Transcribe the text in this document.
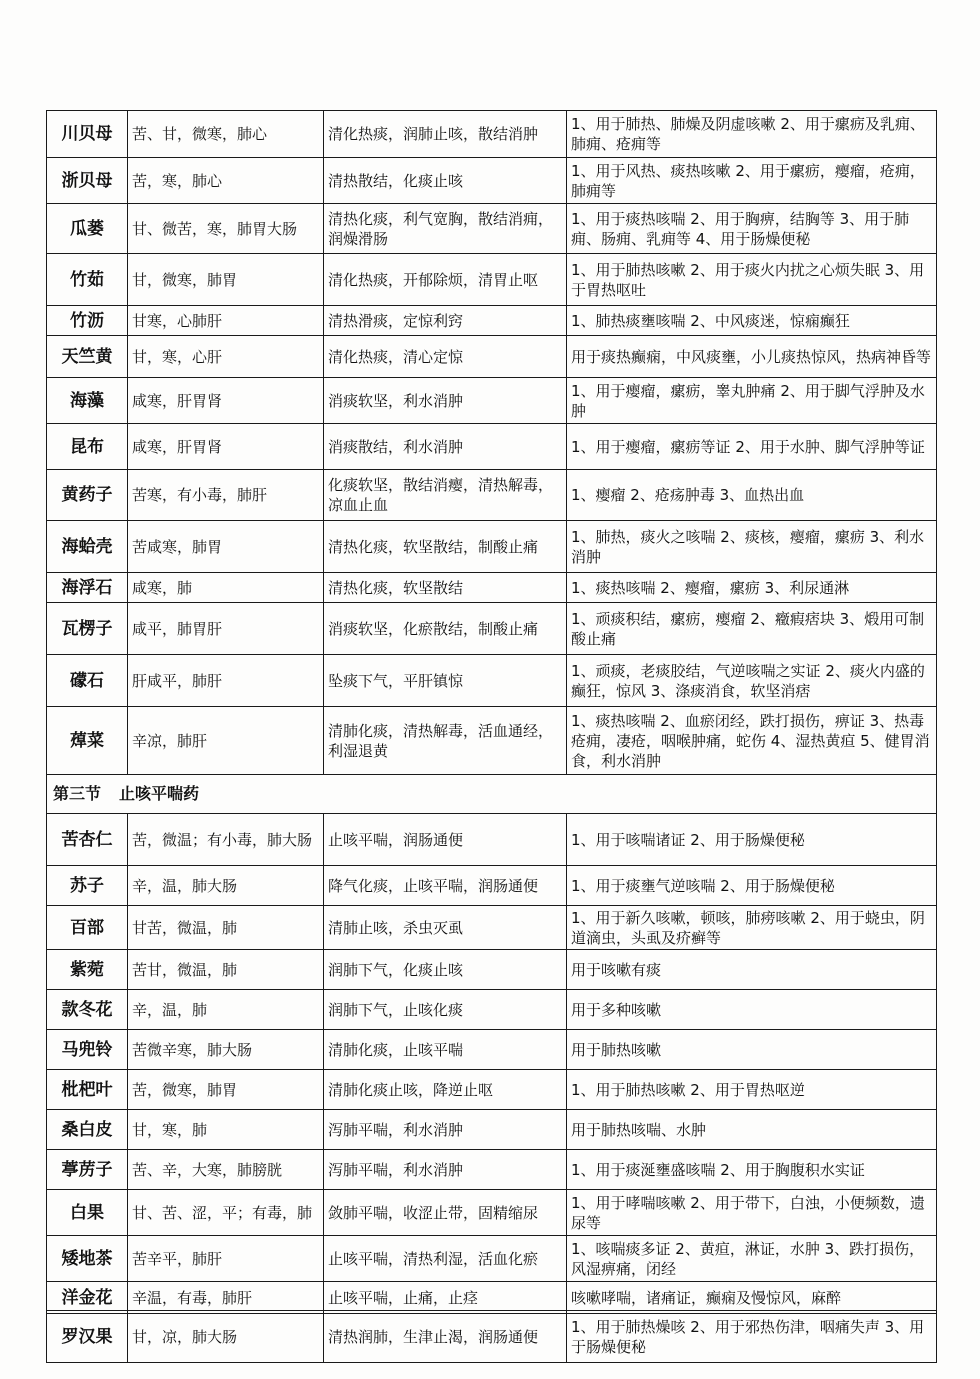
川贝母	苦、甘，微寒，肺心	清化热痰，润肺止咳，散结消肿	1、用于肺热、肺燥及阴虚咳嗽 2、用于瘰疬及乳痈、肺痈、疮痈等
浙贝母	苦，寒，肺心	清热散结，化痰止咳	1、用于风热、痰热咳嗽 2、用于瘰疬，瘿瘤，疮痈，肺痈等
瓜蒌	甘、微苦，寒，肺胃大肠	清热化痰，利气宽胸，散结消痈，润燥滑肠	1、用于痰热咳喘 2、用于胸痹，结胸等 3、用于肺痈、肠痈、乳痈等 4、用于肠燥便秘
竹茹	甘，微寒，肺胃	清化热痰，开郁除烦，清胃止呕	1、用于肺热咳嗽 2、用于痰火内扰之心烦失眠 3、用于胃热呕吐
竹沥	甘寒，心肺肝	清热滑痰，定惊利窍	1、肺热痰壅咳喘 2、中风痰迷，惊痫癫狂
天竺黄	甘，寒，心肝	清化热痰，清心定惊	用于痰热癫痫，中风痰壅，小儿痰热惊风，热病神昏等
海藻	咸寒，肝胃肾	消痰软坚，利水消肿	1、用于瘿瘤，瘰疬，睾丸肿痛 2、用于脚气浮肿及水肿
昆布	咸寒，肝胃肾	消痰散结，利水消肿	1、用于瘿瘤，瘰疬等证 2、用于水肿、脚气浮肿等证
黄药子	苦寒，有小毒，肺肝	化痰软坚，散结消瘿，清热解毒，凉血止血	1、瘿瘤 2、疮疡肿毒 3、血热出血
海蛤壳	苦咸寒，肺胃	清热化痰，软坚散结，制酸止痛	1、肺热，痰火之咳喘 2、痰核，瘿瘤，瘰疬 3、利水消肿
海浮石	咸寒，肺	清热化痰，软坚散结	1、痰热咳喘 2、瘿瘤，瘰疬 3、利尿通淋
瓦楞子	咸平，肺胃肝	消痰软坚，化瘀散结，制酸止痛	1、顽痰积结，瘰疬，瘿瘤 2、癥瘕痞块 3、煅用可制酸止痛
礞石	肝咸平，肺肝	坠痰下气，平肝镇惊	1、顽痰，老痰胶结，气逆咳喘之实证 2、痰火内盛的癫狂，惊风 3、涤痰消食，软坚消痞
蔊菜	辛凉，肺肝	清肺化痰，清热解毒，活血通经，利湿退黄	1、痰热咳喘 2、血瘀闭经，跌打损伤，痹证 3、热毒疮痈，凄疮，咽喉肿痛，蛇伤 4、湿热黄疸 5、健胃消食，利水消肿
第三节 止咳平喘药			
苦杏仁	苦，微温；有小毒，肺大肠	止咳平喘，润肠通便	1、用于咳喘诸证 2、用于肠燥便秘
苏子	辛，温，肺大肠	降气化痰，止咳平喘，润肠通便	1、用于痰壅气逆咳喘 2、用于肠燥便秘
百部	甘苦，微温，肺	清肺止咳，杀虫灭虱	1、用于新久咳嗽，顿咳，肺痨咳嗽 2、用于蛲虫，阴道滴虫，头虱及疥癣等
紫菀	苦甘，微温，肺	润肺下气，化痰止咳	用于咳嗽有痰
款冬花	辛，温，肺	润肺下气，止咳化痰	用于多种咳嗽
马兜铃	苦微辛寒，肺大肠	清肺化痰，止咳平喘	用于肺热咳嗽
枇杷叶	苦，微寒，肺胃	清肺化痰止咳，降逆止呕	1、用于肺热咳嗽 2、用于胃热呕逆
桑白皮	甘，寒，肺	泻肺平喘，利水消肿	用于肺热咳喘、水肿
葶苈子	苦、辛，大寒，肺膀胱	泻肺平喘，利水消肿	1、用于痰涎壅盛咳喘 2、用于胸腹积水实证
白果	甘、苦、涩，平；有毒，肺	敛肺平喘，收涩止带，固精缩尿	1、用于哮喘咳嗽 2、用于带下，白浊，小便频数，遗尿等
矮地茶	苦辛平，肺肝	止咳平喘，清热利湿，活血化瘀	1、咳喘痰多证 2、黄疸，淋证，水肿 3、跌打损伤，风湿痹痛，闭经
洋金花	辛温，有毒，肺肝	止咳平喘，止痛，止痉	咳嗽哮喘，诸痛证，癫痫及慢惊风，麻醉
罗汉果	甘，凉，肺大肠	清热润肺，生津止渴，润肠通便	1、用于肺热燥咳 2、用于邪热伤津，咽痛失声 3、用于肠燥便秘
